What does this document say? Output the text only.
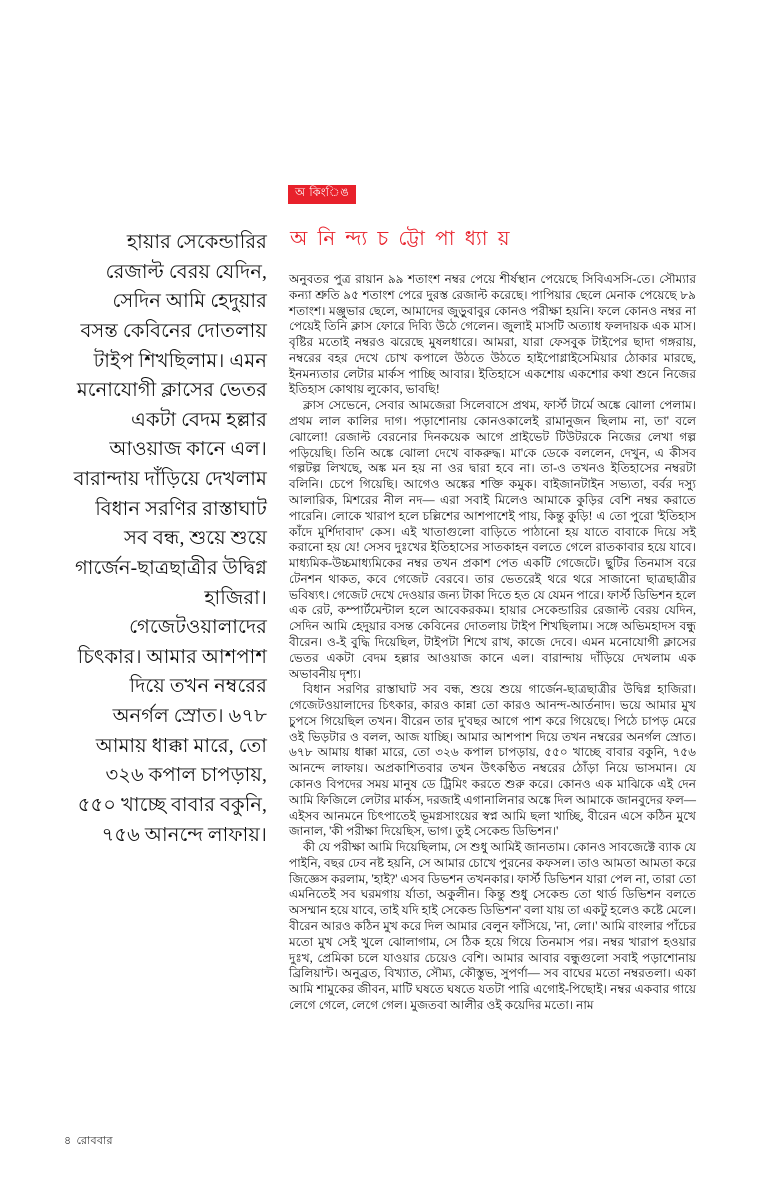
অ কিংিঙ
অ নি ন্দ্য চ ট্টো পা ধ্যা য়
হায়ার সেকেন্ডারির রেজাল্ট বেরয় যেদিন, সেদিন আমি হেদুয়ার বসন্ত কেবিনের দোতলায় টাইপ শিখছিলাম। এমন মনোযোগী ক্লাসের ভেতর একটা বেদম হল্লার আওয়াজ কানে এল। বারান্দায় দাঁড়িয়ে দেখলাম বিধান সরণির রাস্তাঘাট সব বন্ধ, শুয়ে শুয়ে গার্জেন-ছাত্রছাত্রীর উদ্বিগ্ন হাজিরা। গেজেটওয়ালাদের চিৎকার। আমার আশপাশ দিয়ে তখন নম্বরের অনর্গল স্রোত। ৬৭৮ আমায় ধাক্কা মারে, তো ৩২৬ কপাল চাপড়ায়, ৫৫০ খাচ্ছে বাবার বকুনি, ৭৫৬ আনন্দে লাফায়।

অনুবতর পুত্র রায়ান ৯৯ শতাংশ নম্বর পেয়ে শীর্ষস্থান পেয়েছে সিবিএসসি-তে। সৌম্যার কন্যা শ্রুতি ৯৫ শতাংশ পেরে দুরস্ত রেজাল্ট করেছে। পাপিয়ার ছেলে মেনাক পেয়েছে ৮৯ শতাংশ। মঞ্জুভার ছেলে, আমাদের জুড়ুবাবুর কোনও পরীক্ষা হয়নি। ফলে কোনও নম্বর না পেয়েই তিনি ক্লাস ফোরে দিব্যি উঠে গেলেন। জুলাই মাসটি অত্যাধ ফলদায়ক এক মাস। বৃষ্টির মতোই নম্বরও ঝরেছে মুষলধারে। আমরা, যারা ফেসবুক টাইপের ছাদা গঙ্গরায়, নম্বরের বহর দেখে চোখ কপালে উঠতে উঠতে হাইপোগ্লাইসেমিয়ার ঠোকার মারছে, ইনমন্যতার লেটার মার্কস পাচ্ছি আবার। ইতিহাসে একশোয় একশোর কথা শুনে নিজের ইতিহাস কোথায় লুকোব, ভাবছি!

ক্লাস সেভেনে, সেবার আমজেরা সিলেবাসে প্রথম, ফার্স্ট টার্মে অঙ্কে ঝোলা পেলাম। প্রথম লাল কালির দাগ। পড়াশোনায় কোনওকালেই রামানুজন ছিলাম না, তা' বলে ঝোলো! রেজাল্ট বেরনোর দিনকয়েক আগে প্রাইভেট টিউটরকে নিজের লেখা গল্প পড়িয়েছি। তিনি অঙ্কে ঝোলা দেখে বাকরুদ্ধ। মা'কে ডেকে বললেন, দেখুন, এ কীসব গল্পটল্প লিখছে, অঙ্ক মন হয় না ওর দ্বারা হবে না। তা-ও তখনও ইতিহাসের নম্বরটা বলিনি। চেপে গিয়েছি। আগেও অঙ্কের শক্তি কমুক। বাইজানটাইন সভ্যতা, বর্বর দস্যু আলারিক, মিশরের নীল নদ— এরা সবাই মিলেও আমাকে কুড়ির বেশি নম্বর করাতে পারেনি। লোকে খারাপ হলে চল্লিশের আশপাশেই পায়, কিন্তু কুড়ি! এ তো পুরো 'ইতিহাস কাঁদে মুর্শিদাবাদ' কেস। এই খাতাগুলো বাড়িতে পাঠানো হয় যাতে বাবাকে দিয়ে সই করানো হয় যে! সেসব দুঃখের ইতিহাসের সাতকাহন বলতে গেলে রাতকাবার হয়ে যাবে। মাধ্যমিক-উচ্চমাধ্যমিকের নম্বর তখন প্রকাশ পেত একটি গেজেটে। ছুটির তিনমাস বরে টেনশন থাকত, কবে গেজেট বেরবে। তার ভেতরেই থরে থরে সাজানো ছাত্রছাত্রীর ভবিষ্যৎ। গেজেট দেখে দেওয়ার জন্য টাকা দিতে হত যে যেমন পারে। ফার্স্ট ডিভিশন হলে এক রেট, কম্পার্টমেন্টাল হলে আবেকরকম। হায়ার সেকেন্ডারির রেজাল্ট বেরয় যেদিন, সেদিন আমি হেদুয়ার বসন্ত কেবিনের দোতলায় টাইপ শিখছিলাম। সঙ্গে অভিমহাদস বন্ধু বীরেন। ও-ই বুদ্ধি দিয়েছিল, টাইপটা শিখে রাখ, কাজে দেবে। এমন মনোযোগী ক্লাসের ভেতর একটা বেদম হল্লার আওয়াজ কানে এল। বারান্দায় দাঁড়িয়ে দেখলাম এক অভাবনীয় দৃশ্য।

বিধান সরণির রাস্তাঘাট সব বন্ধ, শুয়ে শুয়ে গার্জেন-ছাত্রছাত্রীর উদ্বিগ্ন হাজিরা। গেজেটওয়ালাদের চিৎকার, কারও কান্না তো কারও আনন্দ-আর্তনাদ। ভয়ে আমার মুখ চুপসে গিয়েছিল তখন। বীরেন তার দু'বছর আগে পাশ করে গিয়েছে। পিঠে চাপড় মেরে ওই ভিড়টার ও বলল, আজ যাচ্ছি। আমার আশপাশ দিয়ে তখন নম্বরের অনর্গল স্রোত। ৬৭৮ আমায় ধাক্কা মারে, তো ৩২৬ কপাল চাপড়ায়, ৫৫০ খাচ্ছে বাবার বকুনি, ৭৫৬ আনন্দে লাফায়। অপ্রকাশিতবার তখন উৎকণ্ঠিত নম্বরের ঠোঁড়া নিয়ে ভাসমান। যে কোনও বিপদের সময় মানুষ ডে ট্রিমিং করতে শুরু করে। কোনও এক মাঝিকে এই দেন আমি ফিজিলে লেটার মার্কস, দরজাই এগানালিনার অঙ্কে দিল আমাকে জানবুদের ফল— এইসব আনমনে চিৎপাতেই ভূমগ্নসাংয়ের স্বপ্ন আমি ছলা খাচ্ছি, বীরেন এসে কঠিন মুখে জানাল, 'কী পরীক্ষা দিয়েছিস, ভাগ। তুই সেকেন্ড ডিভিশন।'

কী যে পরীক্ষা আমি দিয়েছিলাম, সে শুধু আমিই জানতাম। কোনও সাবজেক্টে ব্যাক যে পাইনি, বছর ঢেব নষ্ট হয়নি, সে আমার চোখে পুরনের কফসল। তাও আমতা আমতা করে জিজ্ঞেস করলাম, 'হাই?' এসব ডিভশন তখনকার। ফার্স্ট ডিভিশন যারা পেল না, তারা তো এমনিতেই সব ঘরমগায় র্যাতা, অকুলীন। কিন্তু শুধু সেকেন্ড তো থার্ড ডিভিশন বলতে অসম্মান হয়ে যাবে, তাই যদি হাই সেকেন্ড ডিভিশন' বলা যায় তা একটু হলেও কষ্টে মেলে। বীরেন আরও কঠিন মুখ করে দিল আমার বেলুন ফাঁসিয়ে, 'না, লো।' আমি বাংলার পাঁচের মতো মুখ সেই খুলে ঝোলাগাম, সে ঠিক হয়ে গিয়ে তিনমাস পর। নম্বর খারাপ হওয়ার দুঃখ, প্রেমিকা চলে যাওয়ার চেয়েও বেশি। আমার আবার বন্ধুগুলো সবাই পড়াশোনায় ব্রিলিয়ান্ট। অনুব্রত, বিখ্যাত, সৌম্য, কৌস্তুভ, সুপর্ণা— সব বাঘের মতো নম্বরতলা। একা আমি শামুকের জীবন, মাটি ঘষতে ঘষতে যতটা পারি এগোই-পিছোই। নম্বর একবার গায়ে লেগে গেলে, লেগে গেল। মুজতবা আলীর ওই কয়েদির মতো। নাম

৪ রোববার
